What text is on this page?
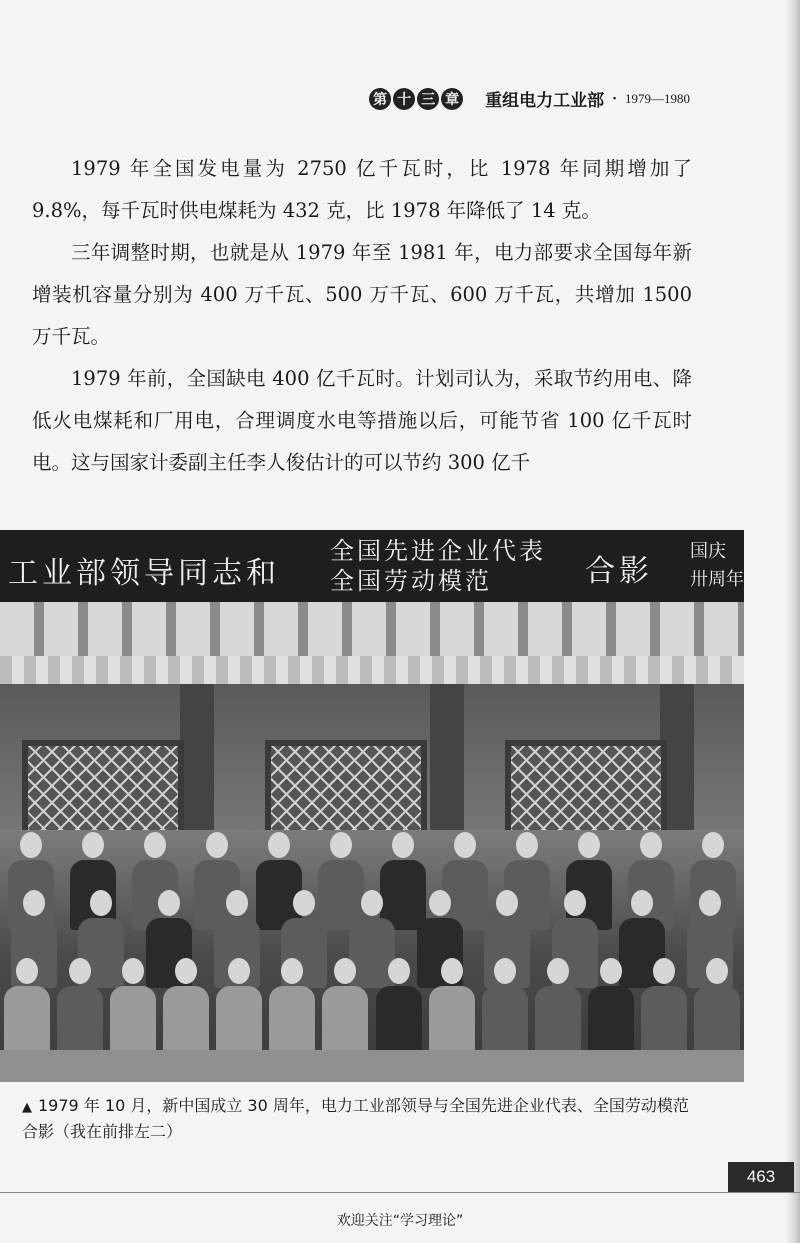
第 十 三 章 重组电力工业部 · 1979—1980

1979 年全国发电量为 2750 亿千瓦时，比 1978 年同期增加了 9.8%，每千瓦时供电煤耗为 432 克，比 1978 年降低了 14 克。

三年调整时期，也就是从 1979 年至 1981 年，电力部要求全国每年新增装机容量分别为 400 万千瓦、500 万千瓦、600 万千瓦，共增加 1500 万千瓦。

1979 年前，全国缺电 400 亿千瓦时。计划司认为，采取节约用电、降低火电煤耗和厂用电，合理调度水电等措施以后，可能节省 100 亿千瓦时电。这与国家计委副主任李人俊估计的可以节约 300 亿千

工业部领导同志和
全国先进企业代表
全国劳动模范	合影
国庆
卅周年
▲ 1979 年 10 月，新中国成立 30 周年，电力工业部领导与全国先进企业代表、全国劳动模范合影（我在前排左二）
463
欢迎关注“学习理论”
